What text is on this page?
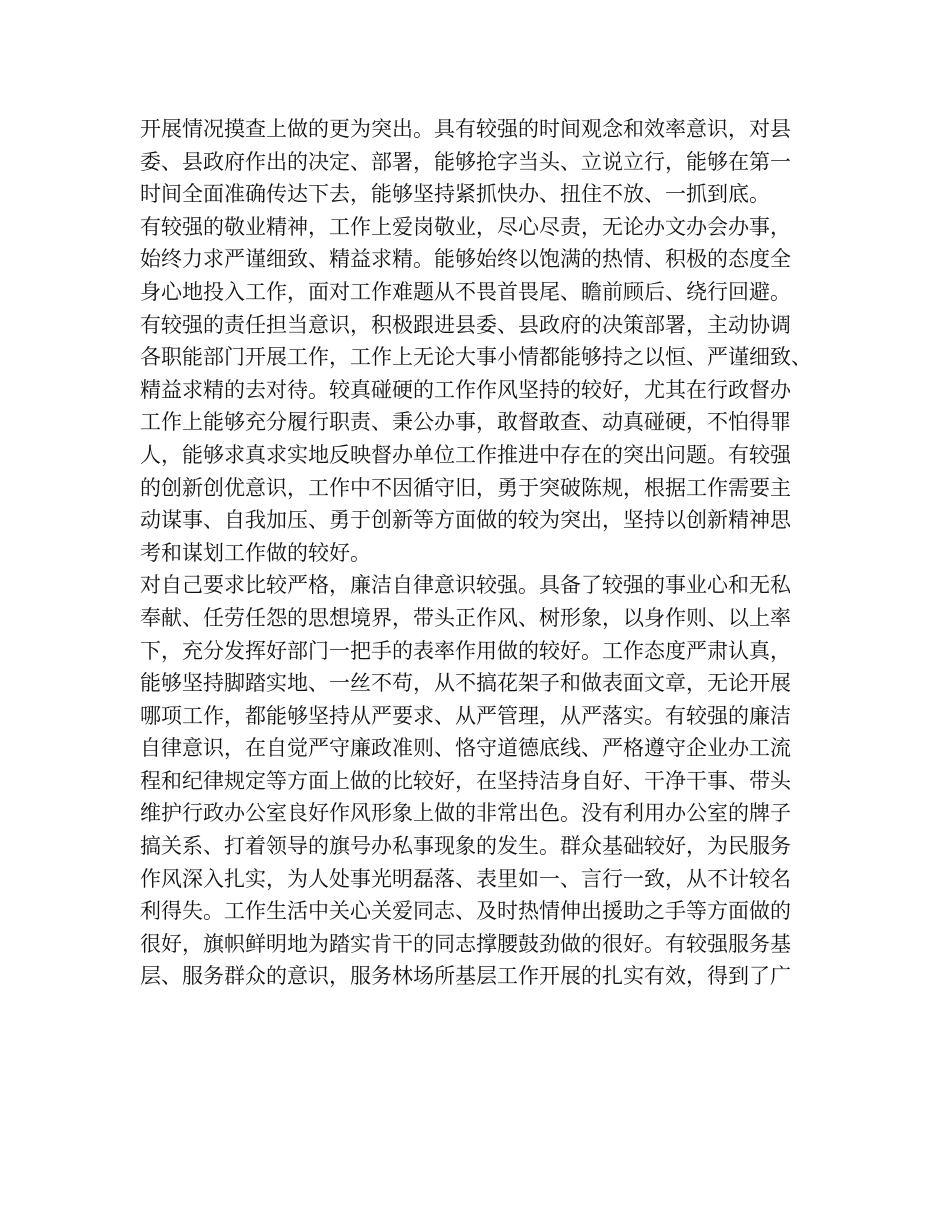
开展情况摸查上做的更为突出。具有较强的时间观念和效率意识，对县
委、县政府作出的决定、部署，能够抢字当头、立说立行，能够在第一
时间全面准确传达下去，能够坚持紧抓快办、扭住不放、一抓到底。
有较强的敬业精神，工作上爱岗敬业，尽心尽责，无论办文办会办事，
始终力求严谨细致、精益求精。能够始终以饱满的热情、积极的态度全
身心地投入工作，面对工作难题从不畏首畏尾、瞻前顾后、绕行回避。
有较强的责任担当意识，积极跟进县委、县政府的决策部署，主动协调
各职能部门开展工作，工作上无论大事小情都能够持之以恒、严谨细致、
精益求精的去对待。较真碰硬的工作作风坚持的较好，尤其在行政督办
工作上能够充分履行职责、秉公办事，敢督敢查、动真碰硬，不怕得罪
人，能够求真求实地反映督办单位工作推进中存在的突出问题。有较强
的创新创优意识，工作中不因循守旧，勇于突破陈规，根据工作需要主
动谋事、自我加压、勇于创新等方面做的较为突出，坚持以创新精神思
考和谋划工作做的较好。
对自己要求比较严格，廉洁自律意识较强。具备了较强的事业心和无私
奉献、任劳任怨的思想境界，带头正作风、树形象，以身作则、以上率
下，充分发挥好部门一把手的表率作用做的较好。工作态度严肃认真，
能够坚持脚踏实地、一丝不苟，从不搞花架子和做表面文章，无论开展
哪项工作，都能够坚持从严要求、从严管理，从严落实。有较强的廉洁
自律意识，在自觉严守廉政准则、恪守道德底线、严格遵守企业办工流
程和纪律规定等方面上做的比较好，在坚持洁身自好、干净干事、带头
维护行政办公室良好作风形象上做的非常出色。没有利用办公室的牌子
搞关系、打着领导的旗号办私事现象的发生。群众基础较好，为民服务
作风深入扎实，为人处事光明磊落、表里如一、言行一致，从不计较名
利得失。工作生活中关心关爱同志、及时热情伸出援助之手等方面做的
很好，旗帜鲜明地为踏实肯干的同志撑腰鼓劲做的很好。有较强服务基
层、服务群众的意识，服务林场所基层工作开展的扎实有效，得到了广
